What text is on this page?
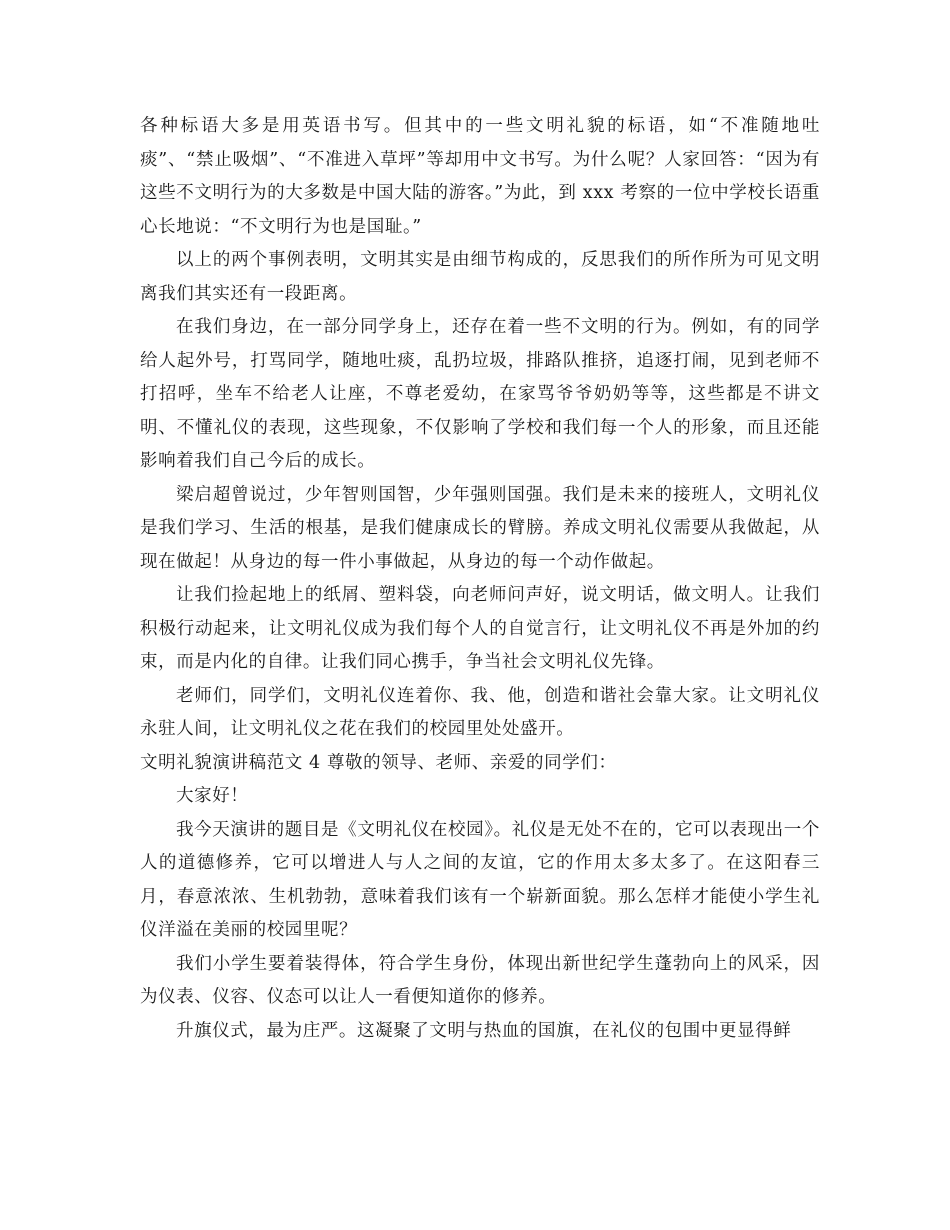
各种标语大多是用英语书写。但其中的一些文明礼貌的标语，如“不准随地吐痰”、“禁止吸烟”、“不准进入草坪”等却用中文书写。为什么呢？人家回答：“因为有这些不文明行为的大多数是中国大陆的游客。”为此，到 xxx 考察的一位中学校长语重心长地说：“不文明行为也是国耻。”

以上的两个事例表明，文明其实是由细节构成的，反思我们的所作所为可见文明离我们其实还有一段距离。

在我们身边，在一部分同学身上，还存在着一些不文明的行为。例如，有的同学给人起外号，打骂同学，随地吐痰，乱扔垃圾，排路队推挤，追逐打闹，见到老师不打招呼，坐车不给老人让座，不尊老爱幼，在家骂爷爷奶奶等等，这些都是不讲文明、不懂礼仪的表现，这些现象，不仅影响了学校和我们每一个人的形象，而且还能影响着我们自己今后的成长。

梁启超曾说过，少年智则国智，少年强则国强。我们是未来的接班人，文明礼仪是我们学习、生活的根基，是我们健康成长的臂膀。养成文明礼仪需要从我做起，从现在做起！从身边的每一件小事做起，从身边的每一个动作做起。

让我们捡起地上的纸屑、塑料袋，向老师问声好，说文明话，做文明人。让我们积极行动起来，让文明礼仪成为我们每个人的自觉言行，让文明礼仪不再是外加的约束，而是内化的自律。让我们同心携手，争当社会文明礼仪先锋。

老师们，同学们，文明礼仪连着你、我、他，创造和谐社会靠大家。让文明礼仪永驻人间，让文明礼仪之花在我们的校园里处处盛开。

文明礼貌演讲稿范文 4 尊敬的领导、老师、亲爱的同学们：

大家好！

我今天演讲的题目是《文明礼仪在校园》。礼仪是无处不在的，它可以表现出一个人的道德修养，它可以增进人与人之间的友谊，它的作用太多太多了。在这阳春三月，春意浓浓、生机勃勃，意味着我们该有一个崭新面貌。那么怎样才能使小学生礼仪洋溢在美丽的校园里呢？

我们小学生要着装得体，符合学生身份，体现出新世纪学生蓬勃向上的风采，因为仪表、仪容、仪态可以让人一看便知道你的修养。

升旗仪式，最为庄严。这凝聚了文明与热血的国旗，在礼仪的包围中更显得鲜
